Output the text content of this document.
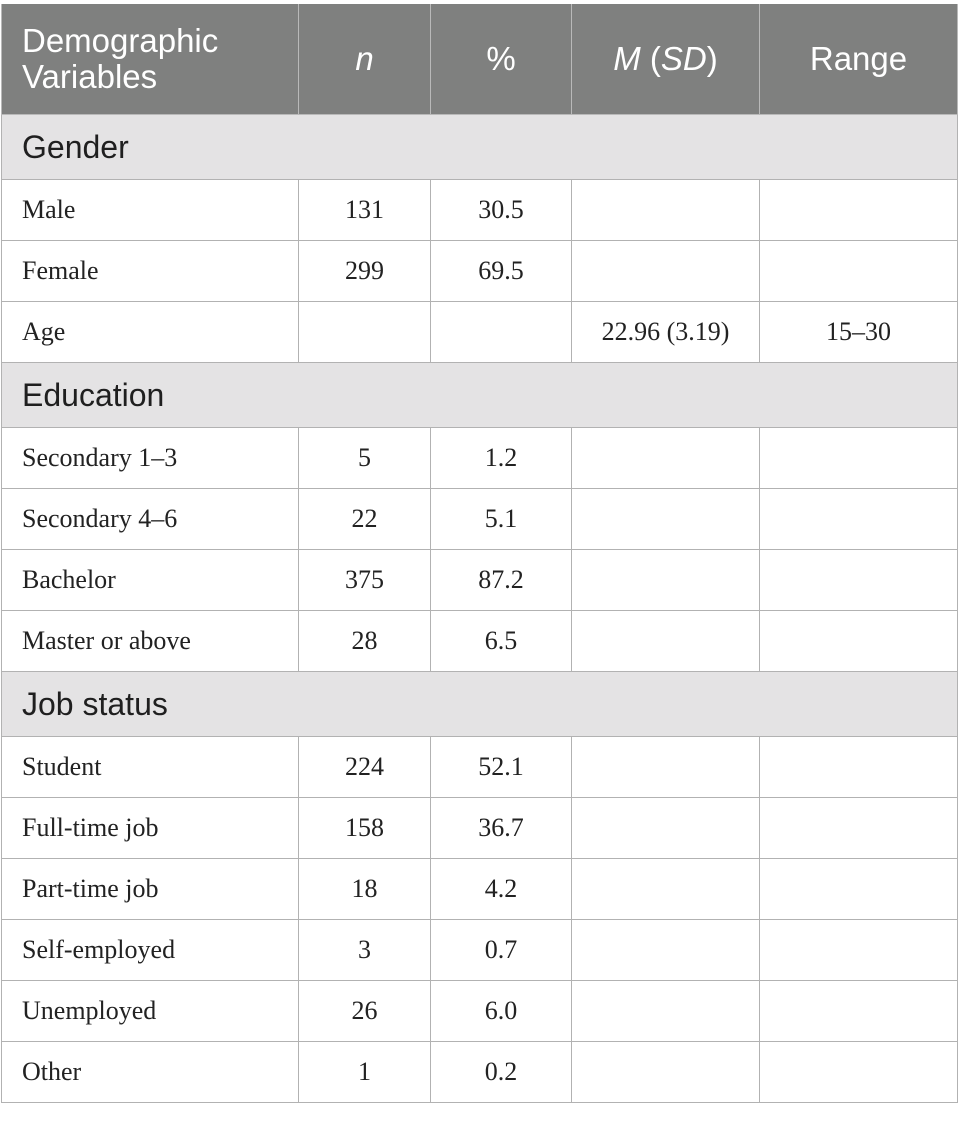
Demographic Variables	n	%	M (SD)	Range
Gender				
Male	131	30.5		
Female	299	69.5		
Age			22.96 (3.19)	15–30
Education				
Secondary 1–3	5	1.2		
Secondary 4–6	22	5.1		
Bachelor	375	87.2		
Master or above	28	6.5		
Job status				
Student	224	52.1		
Full-time job	158	36.7		
Part-time job	18	4.2		
Self-employed	3	0.7		
Unemployed	26	6.0		
Other	1	0.2		
